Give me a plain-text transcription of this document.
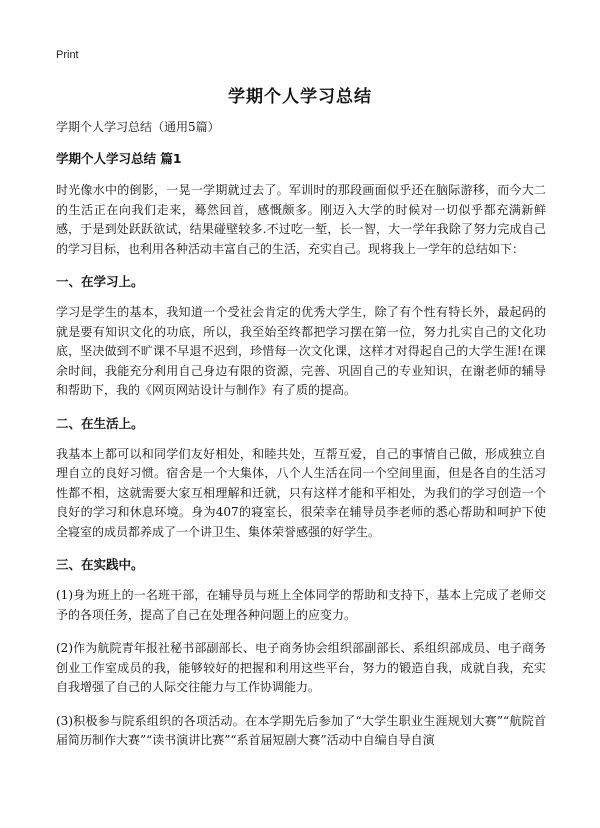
Print
学期个人学习总结

学期个人学习总结（通用5篇）

学期个人学习总结 篇1

时光像水中的倒影，一晃一学期就过去了。军训时的那段画面似乎还在脑际游移，而今大二的生活正在向我们走来，蓦然回首，感慨颇多。刚迈入大学的时候对一切似乎都充满新鲜感，于是到处跃跃欲试，结果碰壁较多.不过吃一堑，长一智，大一学年我除了努力完成自己的学习目标，也利用各种活动丰富自己的生活，充实自己。现将我上一学年的总结如下：

一、在学习上。

学习是学生的基本，我知道一个受社会肯定的优秀大学生，除了有个性有特长外，最起码的就是要有知识文化的功底，所以，我至始至终都把学习摆在第一位，努力扎实自己的文化功底，坚决做到不旷课不早退不迟到，珍惜每一次文化课，这样才对得起自己的大学生涯!在课余时间，我能充分利用自己身边有限的资源，完善、巩固自己的专业知识，在谢老师的辅导和帮助下，我的《网页网站设计与制作》有了质的提高。

二、在生活上。

我基本上都可以和同学们友好相处，和睦共处，互帮互爱，自己的事情自己做，形成独立自理自立的良好习惯。宿舍是一个大集体，八个人生活在同一个空间里面，但是各自的生活习性都不相，这就需要大家互相理解和迁就，只有这样才能和平相处，为我们的学习创造一个良好的学习和休息环境。身为407的寝室长，很荣幸在辅导员李老师的悉心帮助和呵护下使全寝室的成员都养成了一个讲卫生、集体荣誉感强的好学生。

三、在实践中。

(1)身为班上的一名班干部，在辅导员与班上全体同学的帮助和支持下，基本上完成了老师交予的各项任务，提高了自己在处理各种问题上的应变力。

(2)作为航院青年报社秘书部副部长、电子商务协会组织部副部长、系组织部成员、电子商务创业工作室成员的我，能够较好的把握和利用这些平台，努力的锻造自我，成就自我，充实自我增强了自己的人际交往能力与工作协调能力。

(3)积极参与院系组织的各项活动。在本学期先后参加了“大学生职业生涯规划大赛”“航院首届简历制作大赛”“读书演讲比赛”“系首届短剧大赛”活动中自编自导自演
